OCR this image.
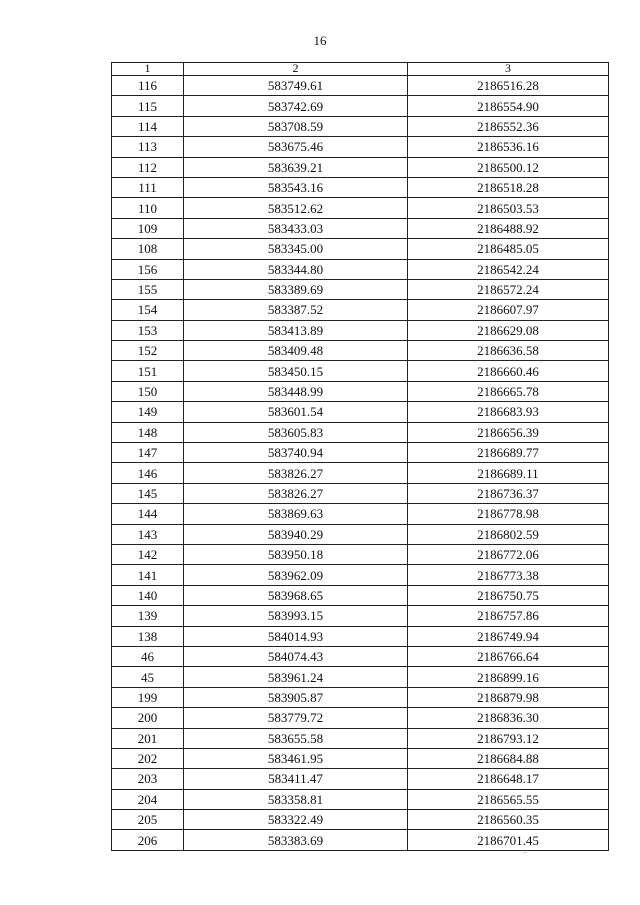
16
1	2	3
116	583749.61	2186516.28
115	583742.69	2186554.90
114	583708.59	2186552.36
113	583675.46	2186536.16
112	583639.21	2186500.12
111	583543.16	2186518.28
110	583512.62	2186503.53
109	583433.03	2186488.92
108	583345.00	2186485.05
156	583344.80	2186542.24
155	583389.69	2186572.24
154	583387.52	2186607.97
153	583413.89	2186629.08
152	583409.48	2186636.58
151	583450.15	2186660.46
150	583448.99	2186665.78
149	583601.54	2186683.93
148	583605.83	2186656.39
147	583740.94	2186689.77
146	583826.27	2186689.11
145	583826.27	2186736.37
144	583869.63	2186778.98
143	583940.29	2186802.59
142	583950.18	2186772.06
141	583962.09	2186773.38
140	583968.65	2186750.75
139	583993.15	2186757.86
138	584014.93	2186749.94
46	584074.43	2186766.64
45	583961.24	2186899.16
199	583905.87	2186879.98
200	583779.72	2186836.30
201	583655.58	2186793.12
202	583461.95	2186684.88
203	583411.47	2186648.17
204	583358.81	2186565.55
205	583322.49	2186560.35
206	583383.69	2186701.45
